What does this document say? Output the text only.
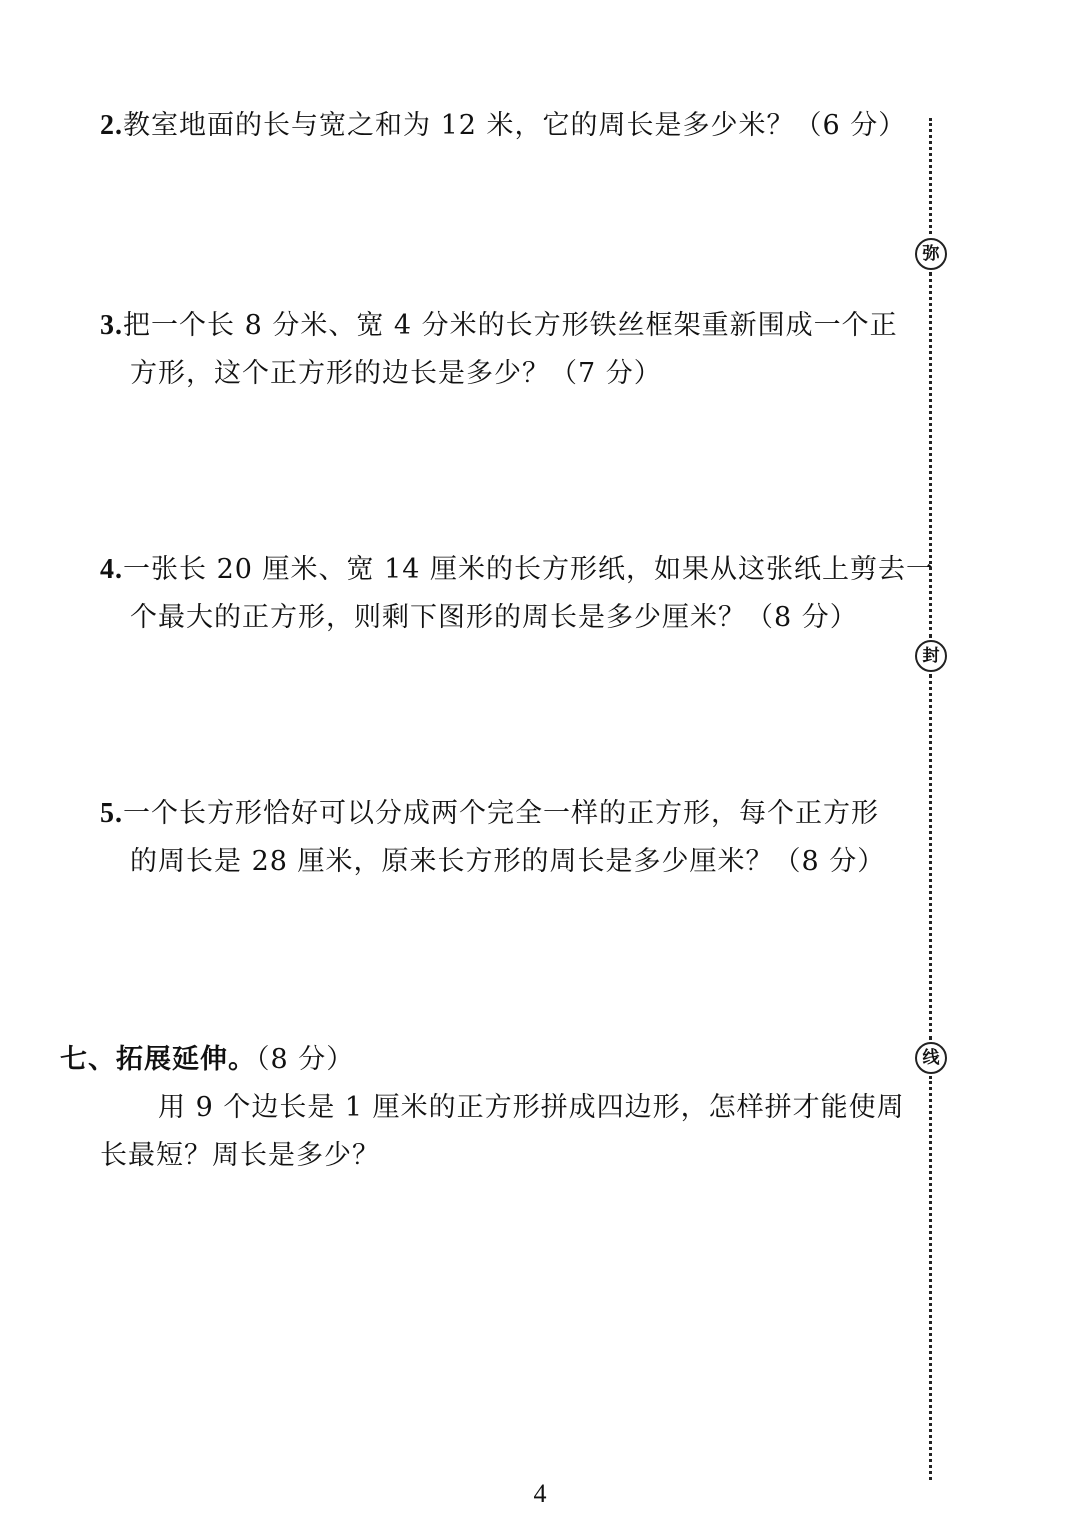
2.教室地面的长与宽之和为 12 米，它的周长是多少米？（6 分）
3.把一个长 8 分米、宽 4 分米的长方形铁丝框架重新围成一个正
方形，这个正方形的边长是多少？（7 分）
4.一张长 20 厘米、宽 14 厘米的长方形纸，如果从这张纸上剪去一
个最大的正方形，则剩下图形的周长是多少厘米？（8 分）
5.一个长方形恰好可以分成两个完全一样的正方形，每个正方形
的周长是 28 厘米，原来长方形的周长是多少厘米？（8 分）
七、拓展延伸。（8 分）
用 9 个边长是 1 厘米的正方形拼成四边形，怎样拼才能使周
长最短？周长是多少？
弥
封
线
4
